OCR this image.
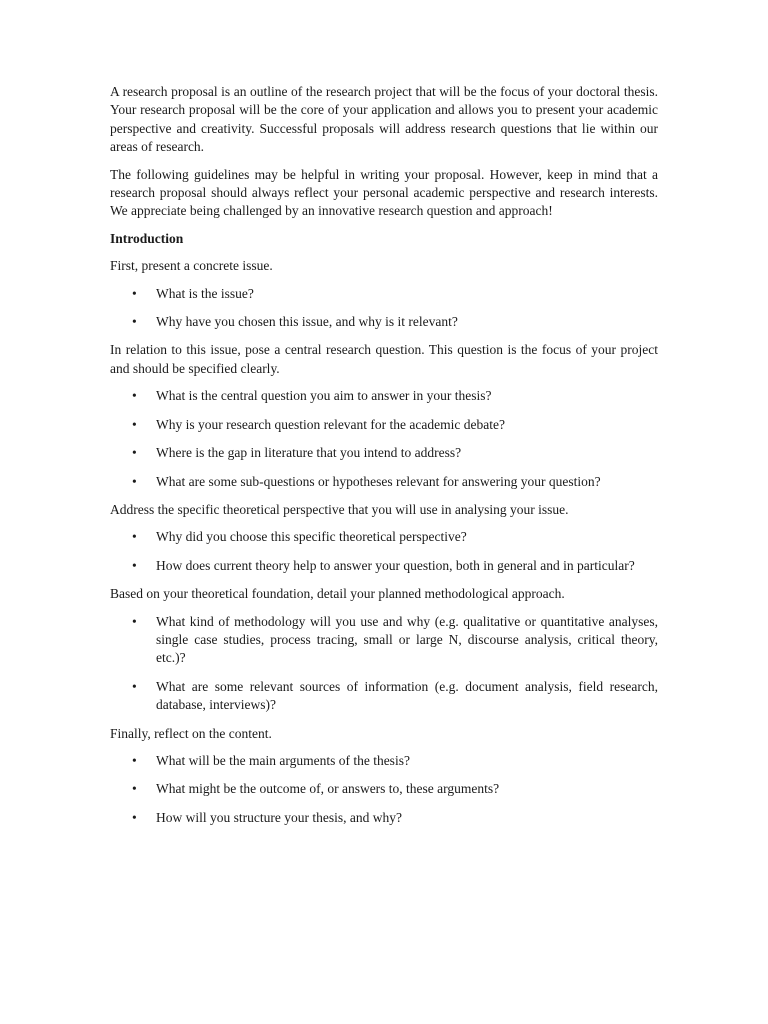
A research proposal is an outline of the research project that will be the focus of your doctoral thesis. Your research proposal will be the core of your application and allows you to present your academic perspective and creativity. Successful proposals will address research questions that lie within our areas of research.

The following guidelines may be helpful in writing your proposal. However, keep in mind that a research proposal should always reflect your personal academic perspective and research interests. We appreciate being challenged by an innovative research question and approach!

Introduction

First, present a concrete issue.

•	What is the issue?
•	Why have you chosen this issue, and why is it relevant?

In relation to this issue, pose a central research question. This question is the focus of your project and should be specified clearly.

•	What is the central question you aim to answer in your thesis?
•	Why is your research question relevant for the academic debate?
•	Where is the gap in literature that you intend to address?
•	What are some sub-questions or hypotheses relevant for answering your question?

Address the specific theoretical perspective that you will use in analysing your issue.

•	Why did you choose this specific theoretical perspective?
•	How does current theory help to answer your question, both in general and in particular?

Based on your theoretical foundation, detail your planned methodological approach.

•	What kind of methodology will you use and why (e.g. qualitative or quantitative analyses, single case studies, process tracing, small or large N, discourse analysis, critical theory, etc.)?
•	What are some relevant sources of information (e.g. document analysis, field research, database, interviews)?

Finally, reflect on the content.

•	What will be the main arguments of the thesis?
•	What might be the outcome of, or answers to, these arguments?
•	How will you structure your thesis, and why?
